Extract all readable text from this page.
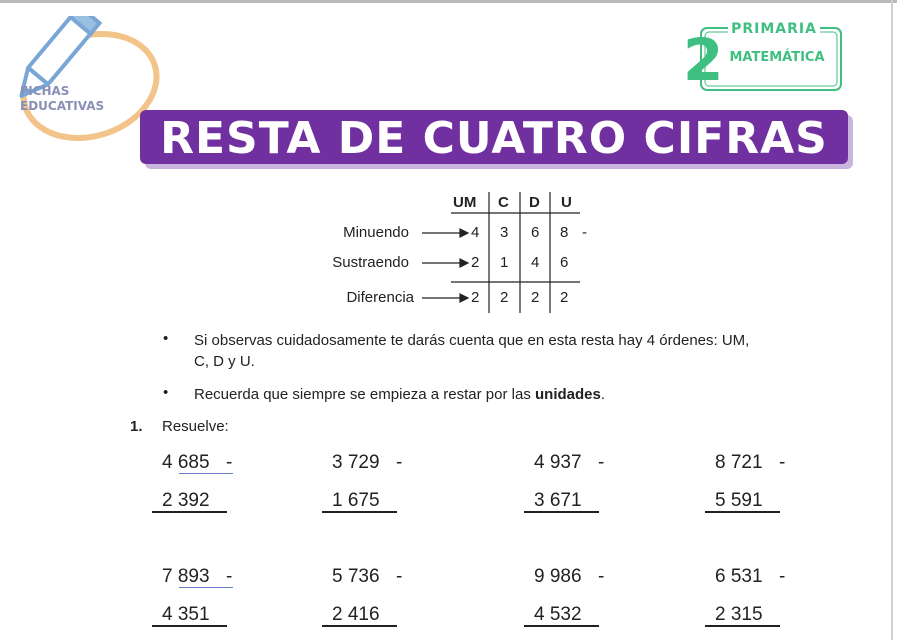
FICHAS
EDUCATIVAS
PRIMARIA
2 MATEMÁTICA
RESTA DE CUATRO CIFRAS
UM C D U
Minuendo
Sustraendo
Diferencia
4 3 6 8 -
2 1 4 6
2 2 2 2
• Si observas cuidadosamente te darás cuenta que en esta resta hay 4 órdenes: UM,
C, D y U.
• Recuerda que siempre se empieza a restar por las unidades.
1. Resuelve:
4 685 -
2 392
3 729 -
1 675
4 937 -
3 671
8 721 -
5 591
7 893 -
4 351
5 736 -
2 416
9 986 -
4 532
6 531 -
2 315
